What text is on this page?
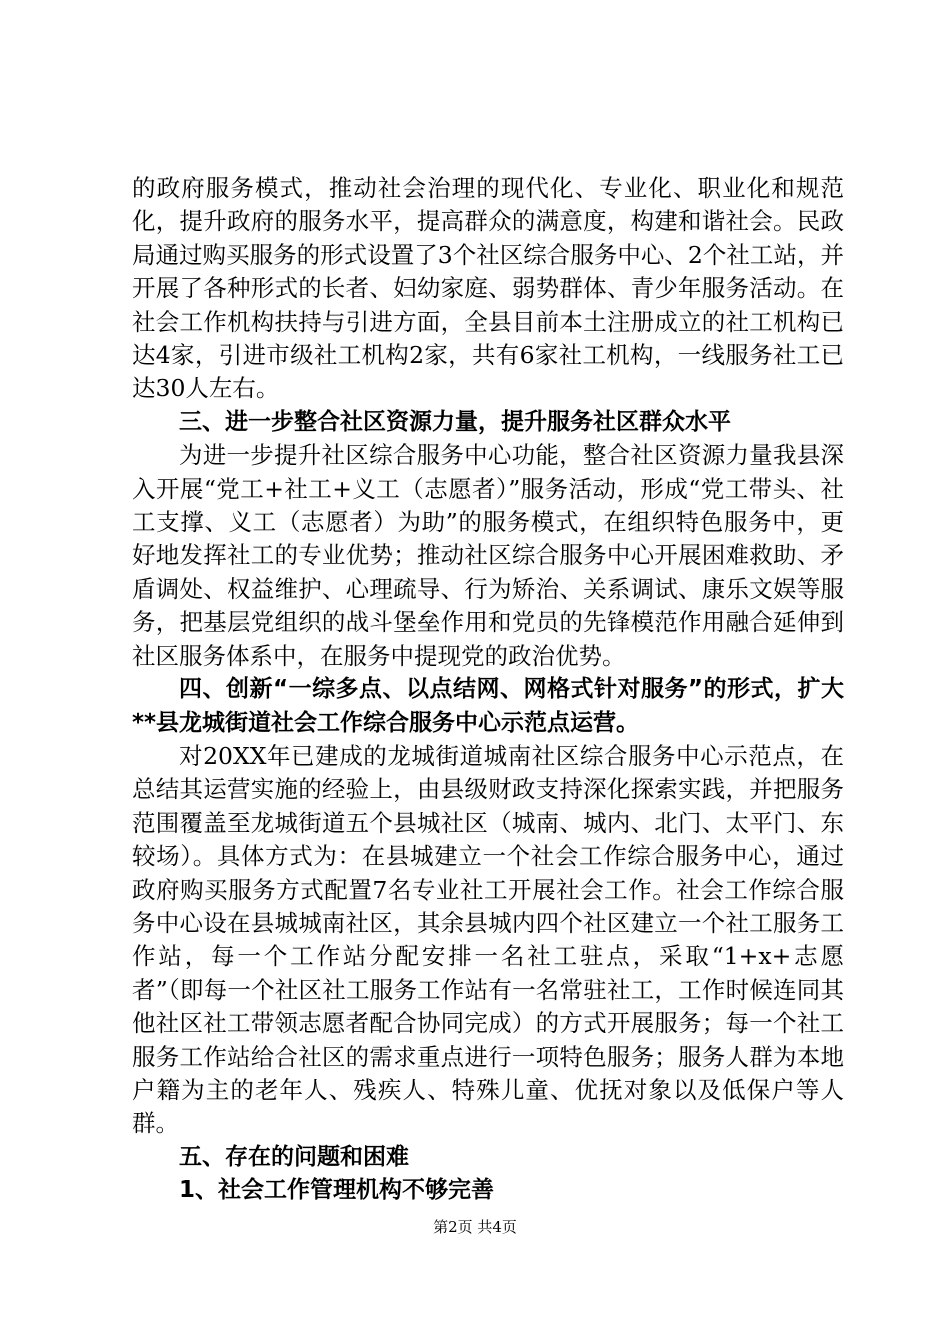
的政府服务模式，推动社会治理的现代化、专业化、职业化和规范化，提升政府的服务水平，提高群众的满意度，构建和谐社会。民政局通过购买服务的形式设置了3个社区综合服务中心、2个社工站，并开展了各种形式的长者、妇幼家庭、弱势群体、青少年服务活动。在社会工作机构扶持与引进方面，全县目前本土注册成立的社工机构已达4家，引进市级社工机构2家，共有6家社工机构，一线服务社工已达30人左右。

三、进一步整合社区资源力量，提升服务社区群众水平

为进一步提升社区综合服务中心功能，整合社区资源力量我县深入开展“党工+社工+义工（志愿者）”服务活动，形成“党工带头、社工支撑、义工（志愿者）为助”的服务模式，在组织特色服务中，更好地发挥社工的专业优势；推动社区综合服务中心开展困难救助、矛盾调处、权益维护、心理疏导、行为矫治、关系调试、康乐文娱等服务，把基层党组织的战斗堡垒作用和党员的先锋模范作用融合延伸到社区服务体系中，在服务中提现党的政治优势。

四、创新“一综多点、以点结网、网格式针对服务”的形式，扩大**县龙城街道社会工作综合服务中心示范点运营。

对20XX年已建成的龙城街道城南社区综合服务中心示范点，在总结其运营实施的经验上，由县级财政支持深化探索实践，并把服务范围覆盖至龙城街道五个县城社区（城南、城内、北门、太平门、东较场）。具体方式为：在县城建立一个社会工作综合服务中心，通过政府购买服务方式配置7名专业社工开展社会工作。社会工作综合服务中心设在县城城南社区，其余县城内四个社区建立一个社工服务工作站，每一个工作站分配安排一名社工驻点，采取“1+x+志愿者”（即每一个社区社工服务工作站有一名常驻社工，工作时候连同其他社区社工带领志愿者配合协同完成）的方式开展服务；每一个社工服务工作站给合社区的需求重点进行一项特色服务；服务人群为本地户籍为主的老年人、残疾人、特殊儿童、优抚对象以及低保户等人群。

五、存在的问题和困难

1、社会工作管理机构不够完善

第2页 共4页
